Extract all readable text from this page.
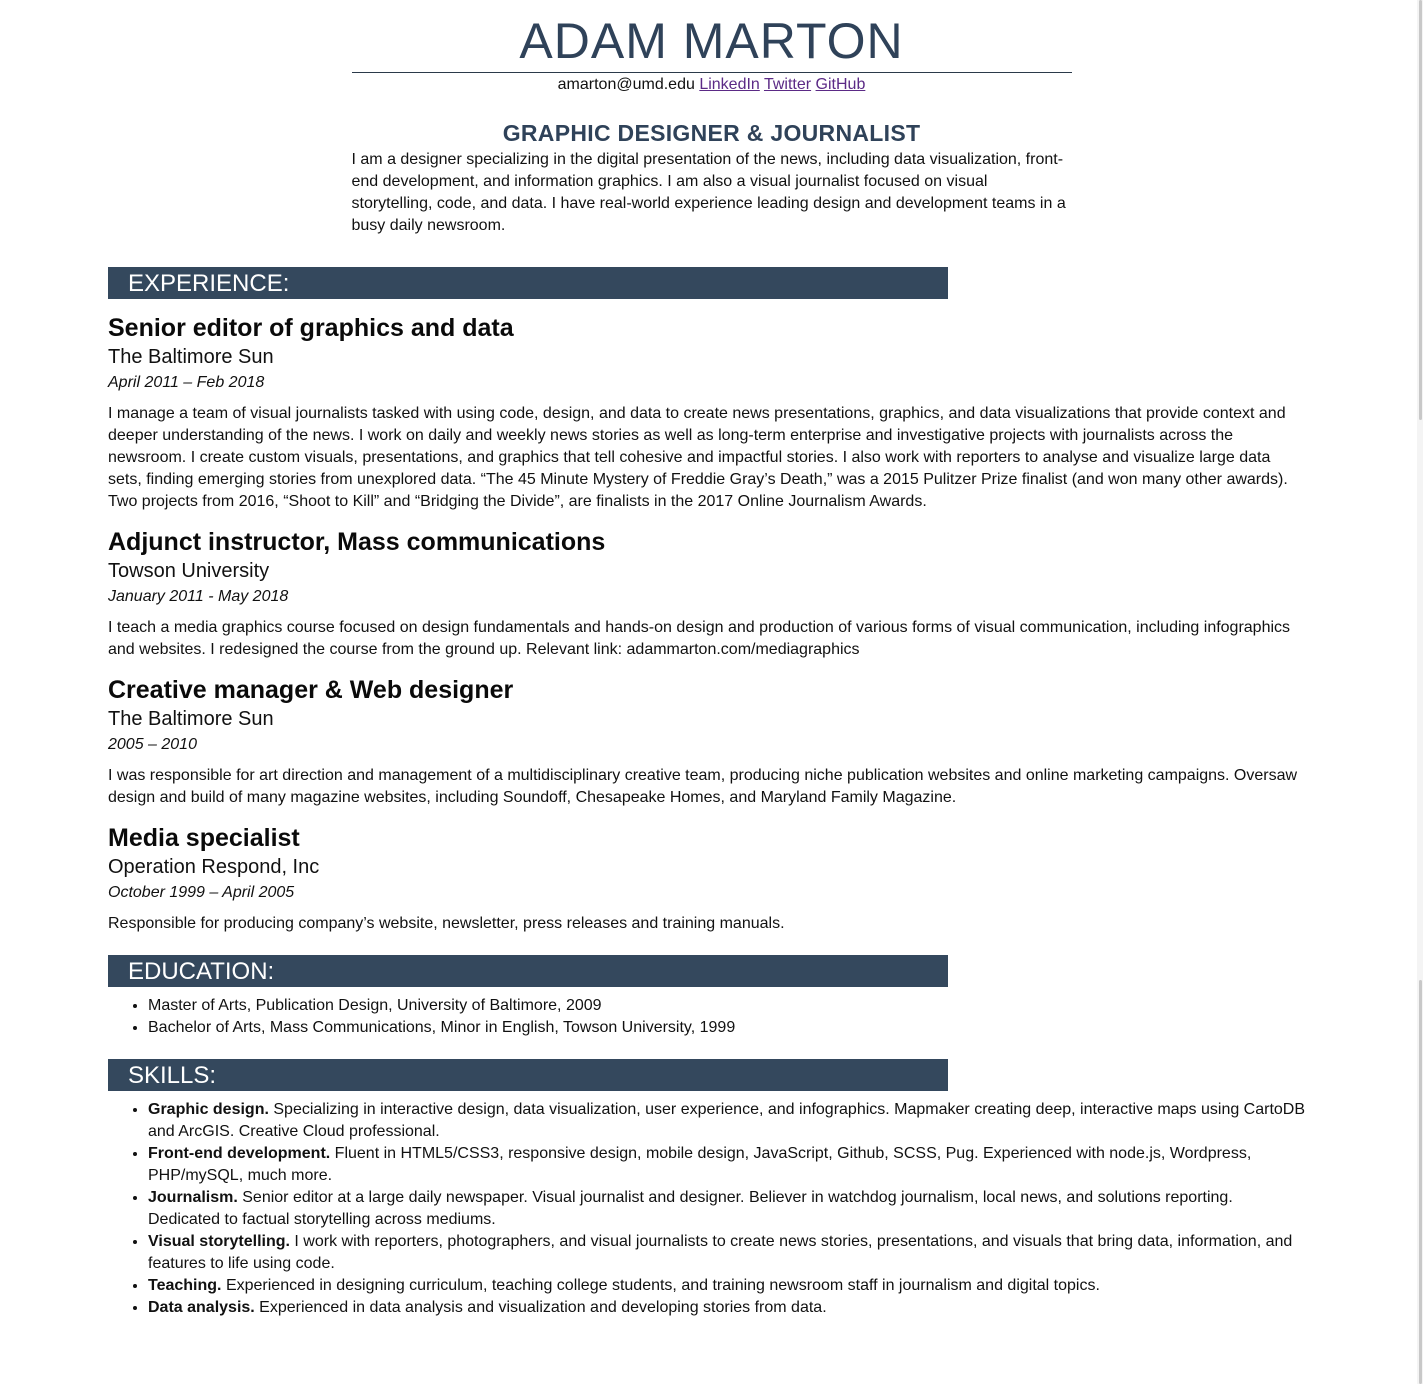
ADAM MARTON
amarton@umd.edu LinkedIn Twitter GitHub
GRAPHIC DESIGNER & JOURNALIST

I am a designer specializing in the digital presentation of the news, including data visualization, front-end development, and information graphics. I am also a visual journalist focused on visual storytelling, code, and data. I have real-world experience leading design and development teams in a busy daily newsroom.

EXPERIENCE:
Senior editor of graphics and data
The Baltimore Sun
April 2011 – Feb 2018

I manage a team of visual journalists tasked with using code, design, and data to create news presentations, graphics, and data visualizations that provide context and deeper understanding of the news. I work on daily and weekly news stories as well as long-term enterprise and investigative projects with journalists across the newsroom. I create custom visuals, presentations, and graphics that tell cohesive and impactful stories. I also work with reporters to analyse and visualize large data sets, finding emerging stories from unexplored data. “The 45 Minute Mystery of Freddie Gray’s Death,” was a 2015 Pulitzer Prize finalist (and won many other awards). Two projects from 2016, “Shoot to Kill” and “Bridging the Divide”, are finalists in the 2017 Online Journalism Awards.

Adjunct instructor, Mass communications
Towson University
January 2011 - May 2018

I teach a media graphics course focused on design fundamentals and hands-on design and production of various forms of visual communication, including infographics and websites. I redesigned the course from the ground up. Relevant link: adammarton.com/mediagraphics

Creative manager & Web designer
The Baltimore Sun
2005 – 2010

I was responsible for art direction and management of a multidisciplinary creative team, producing niche publication websites and online marketing campaigns. Oversaw design and build of many magazine websites, including Soundoff, Chesapeake Homes, and Maryland Family Magazine.

Media specialist
Operation Respond, Inc
October 1999 – April 2005

Responsible for producing company’s website, newsletter, press releases and training manuals.

EDUCATION:
• Master of Arts, Publication Design, University of Baltimore, 2009
• Bachelor of Arts, Mass Communications, Minor in English, Towson University, 1999
SKILLS:
• Graphic design. Specializing in interactive design, data visualization, user experience, and infographics. Mapmaker creating deep, interactive maps using CartoDB and ArcGIS. Creative Cloud professional.
• Front-end development. Fluent in HTML5/CSS3, responsive design, mobile design, JavaScript, Github, SCSS, Pug. Experienced with node.js, Wordpress, PHP/mySQL, much more.
• Journalism. Senior editor at a large daily newspaper. Visual journalist and designer. Believer in watchdog journalism, local news, and solutions reporting. Dedicated to factual storytelling across mediums.
• Visual storytelling. I work with reporters, photographers, and visual journalists to create news stories, presentations, and visuals that bring data, information, and features to life using code.
• Teaching. Experienced in designing curriculum, teaching college students, and training newsroom staff in journalism and digital topics.
• Data analysis. Experienced in data analysis and visualization and developing stories from data.
